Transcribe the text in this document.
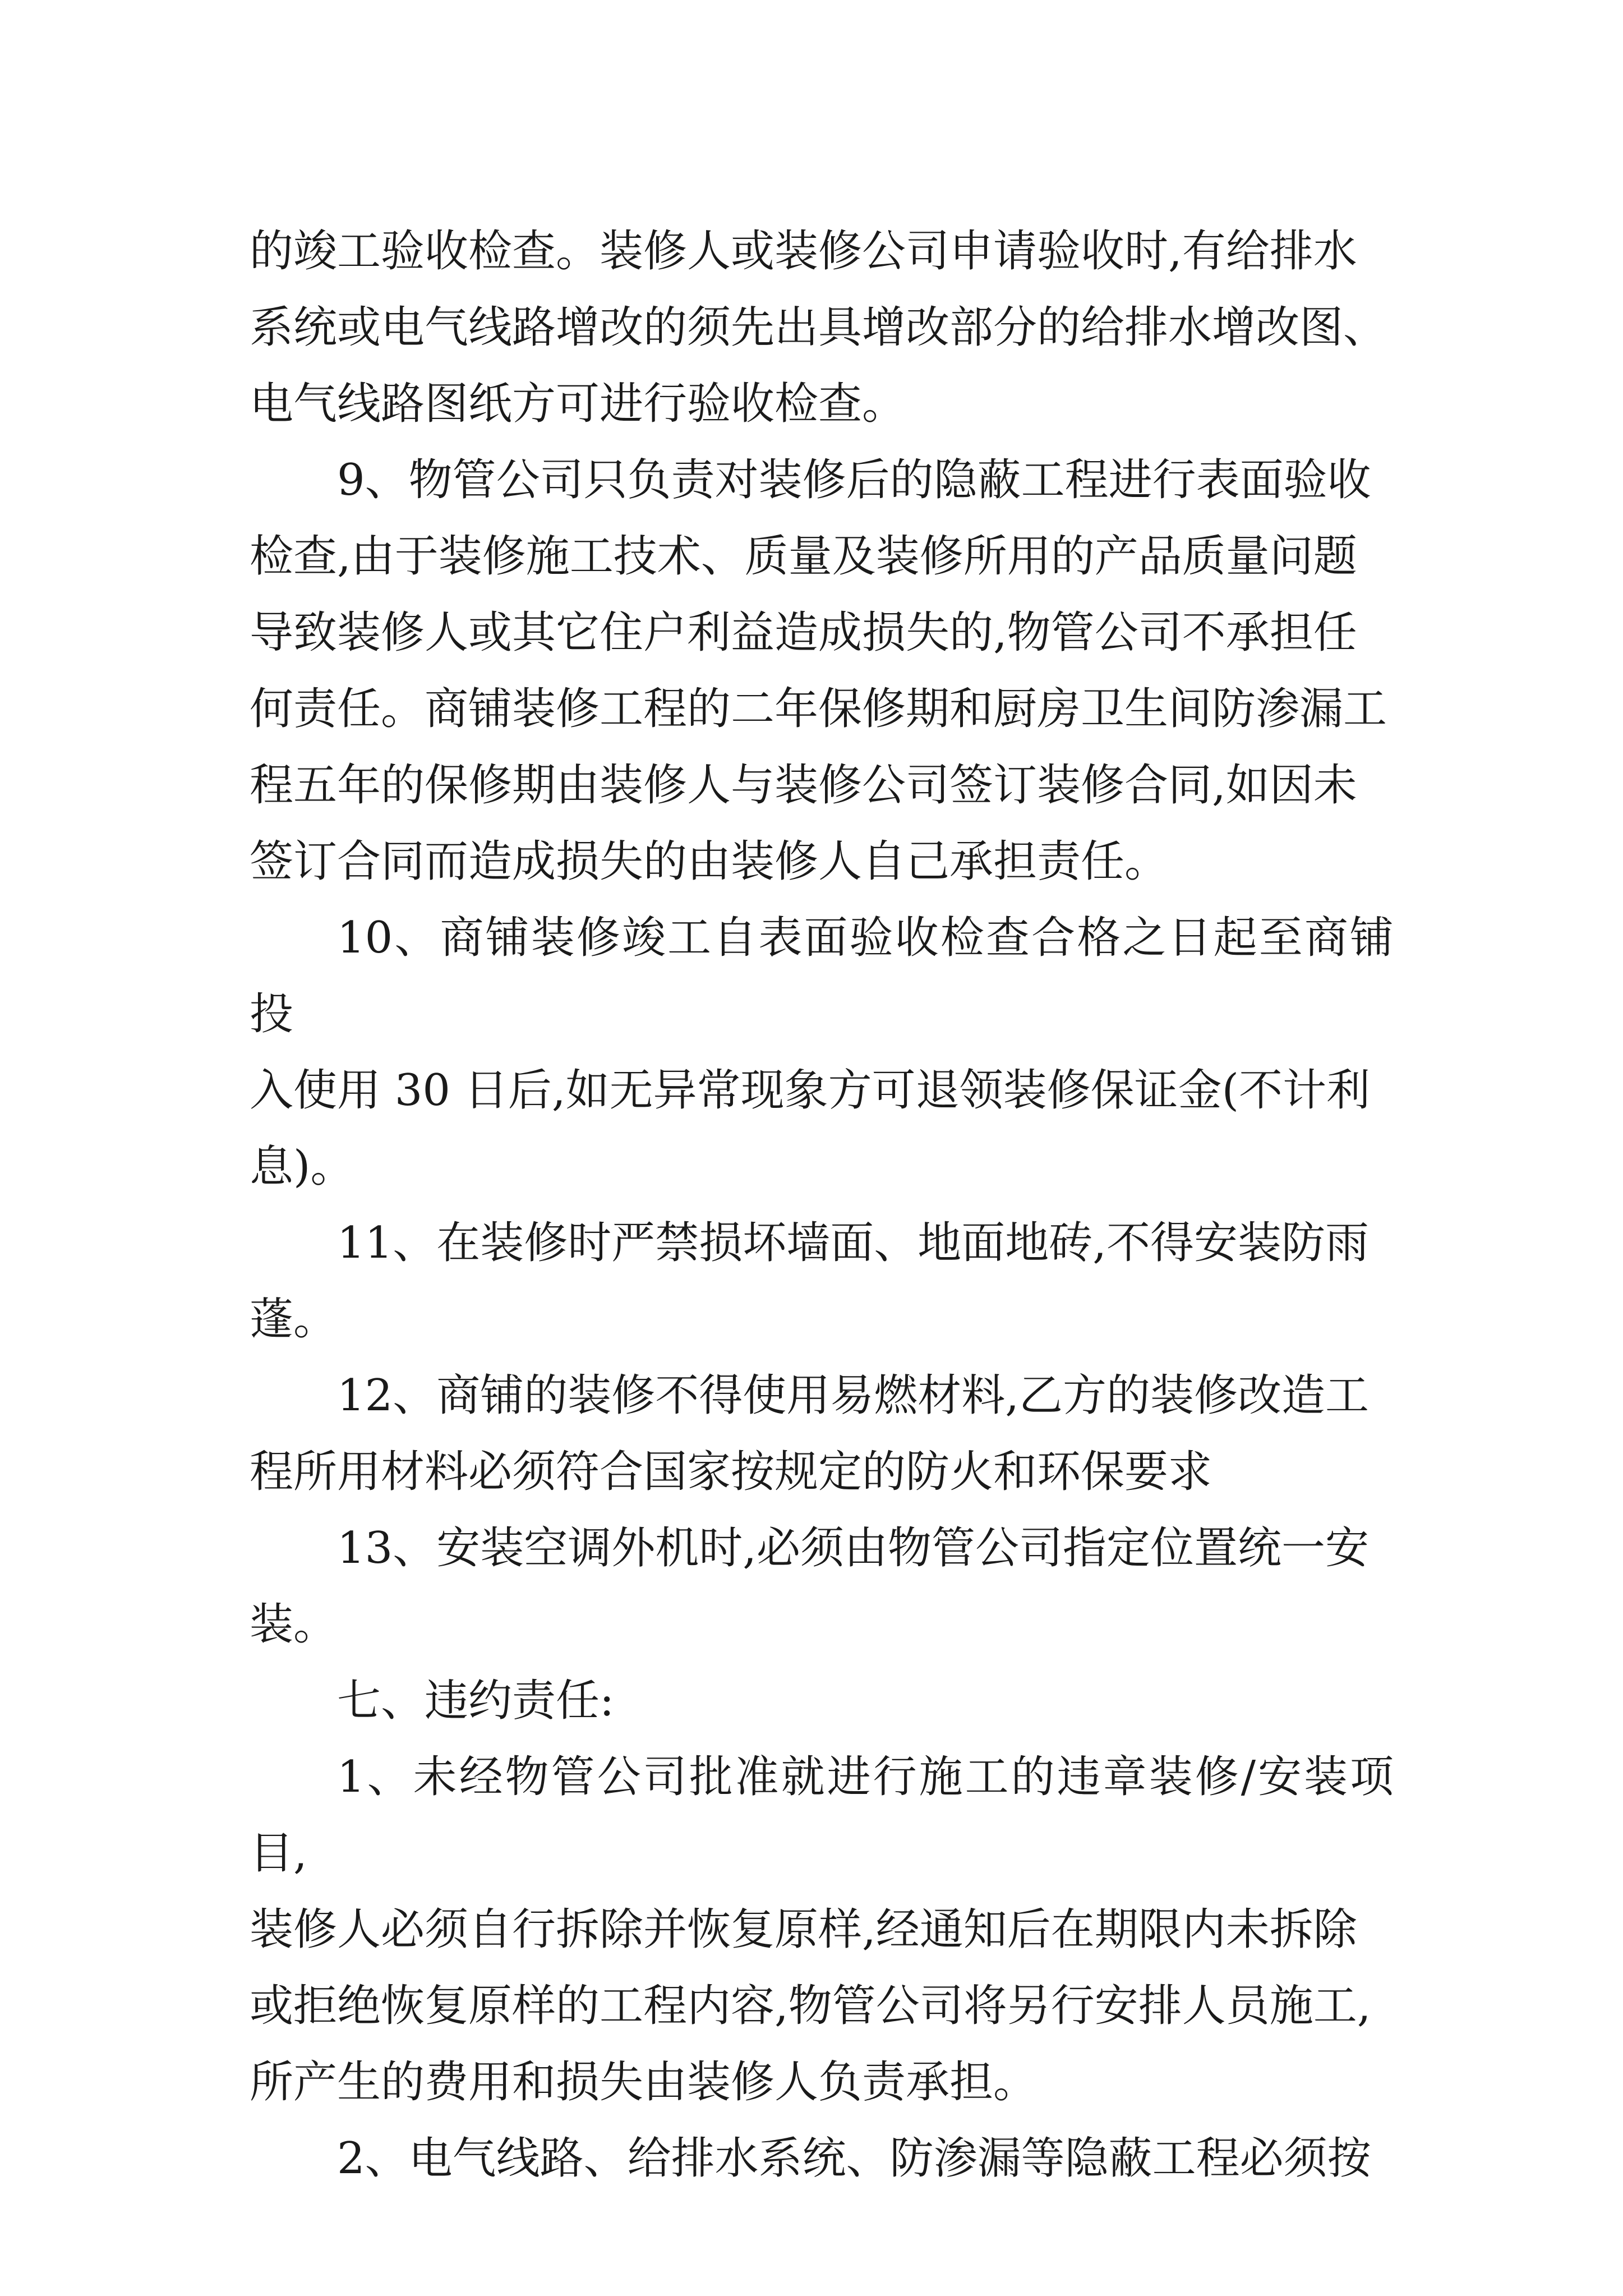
的竣工验收检查。装修人或装修公司申请验收时,有给排水
系统或电气线路增改的须先出具增改部分的给排水增改图、
电气线路图纸方可进行验收检查。

9、物管公司只负责对装修后的隐蔽工程进行表面验收
检查,由于装修施工技术、质量及装修所用的产品质量问题
导致装修人或其它住户利益造成损失的,物管公司不承担任
何责任。商铺装修工程的二年保修期和厨房卫生间防渗漏工
程五年的保修期由装修人与装修公司签订装修合同,如因未
签订合同而造成损失的由装修人自己承担责任。

10、商铺装修竣工自表面验收检查合格之日起至商铺投
入使用 30 日后,如无异常现象方可退领装修保证金(不计利
息)。

11、在装修时严禁损坏墙面、地面地砖,不得安装防雨
蓬。

12、商铺的装修不得使用易燃材料,乙方的装修改造工
程所用材料必须符合国家按规定的防火和环保要求

13、安装空调外机时,必须由物管公司指定位置统一安
装。

七、违约责任:

1、未经物管公司批准就进行施工的违章装修/安装项目,
装修人必须自行拆除并恢复原样,经通知后在期限内未拆除
或拒绝恢复原样的工程内容,物管公司将另行安排人员施工,
所产生的费用和损失由装修人负责承担。

2、电气线路、给排水系统、防渗漏等隐蔽工程必须按
